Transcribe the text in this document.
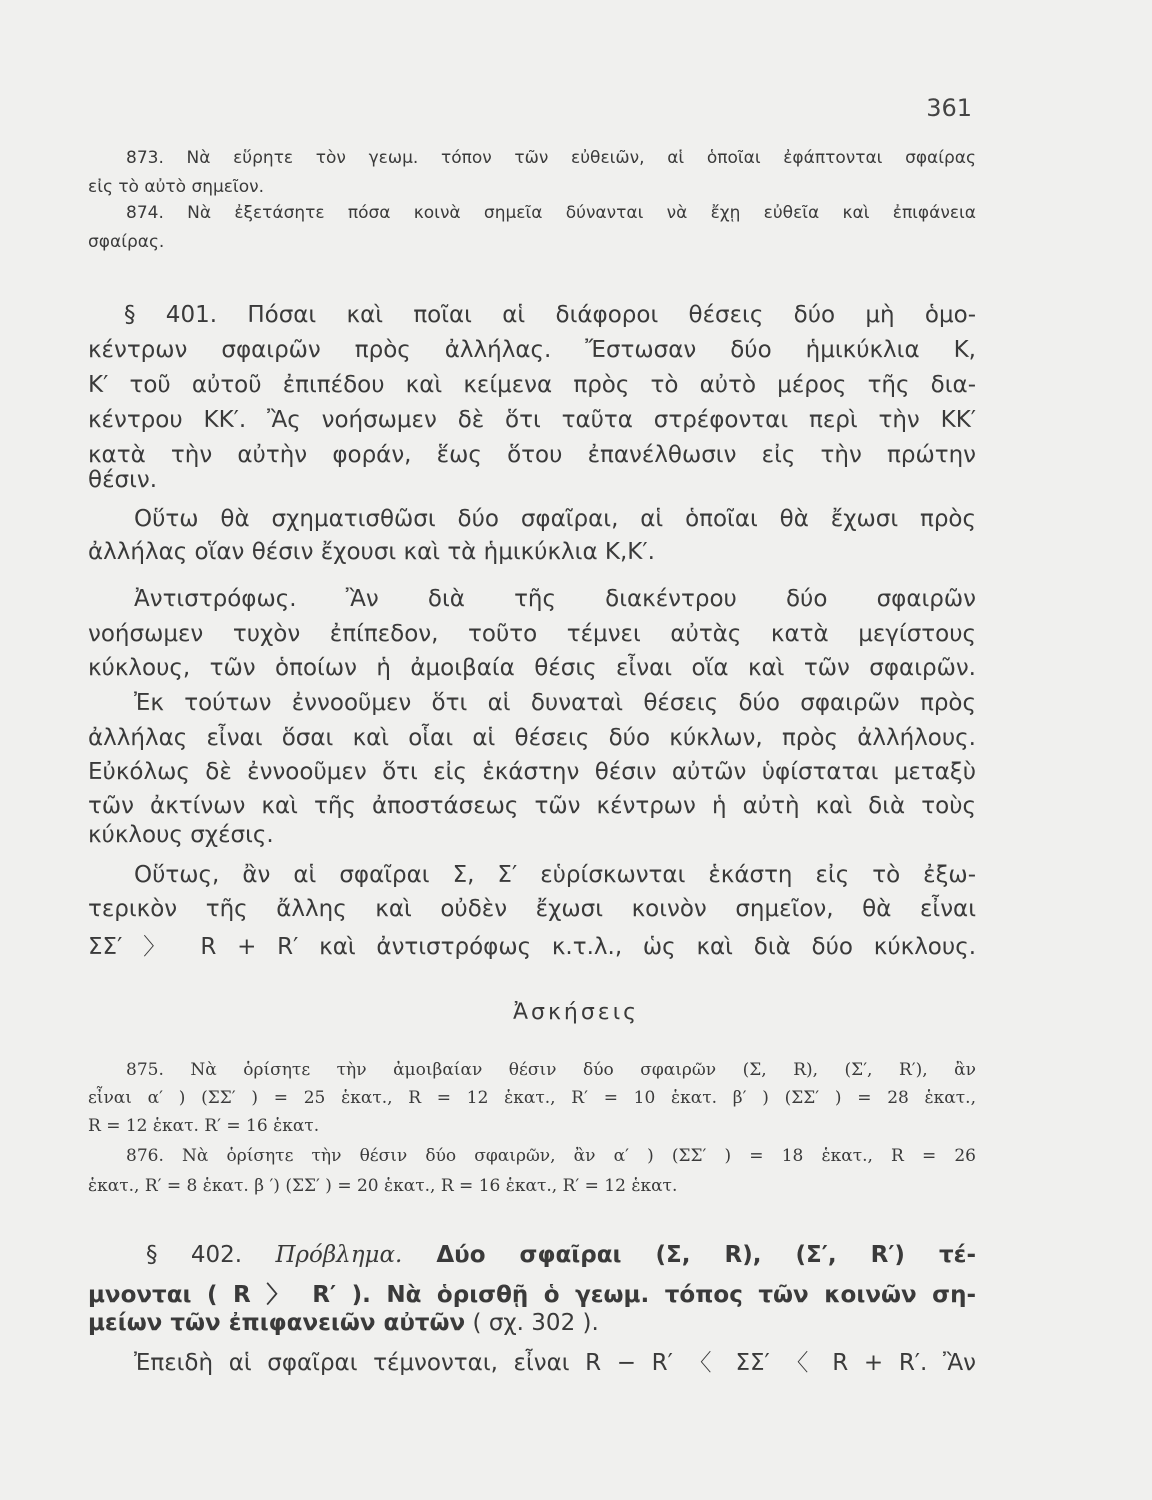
361
873. Νὰ εὕρητε τὸν γεωμ. τόπον τῶν εὐθειῶν, αἱ ὁποῖαι ἐφάπτονται σφαίρας
εἰς τὸ αὐτὸ σημεῖον.
874. Νὰ ἐξετάσητε πόσα κοινὰ σημεῖα δύνανται νὰ ἔχῃ εὐθεῖα καὶ ἐπιφάνεια
σφαίρας.
§ 401. Πόσαι καὶ ποῖαι αἱ διάφοροι θέσεις δύο μὴ ὁμο-
κέντρων σφαιρῶν πρὸς ἀλλήλας. Ἔστωσαν δύο ἡμικύκλια Κ,
Κ′ τοῦ αὐτοῦ ἐπιπέδου καὶ κείμενα πρὸς τὸ αὐτὸ μέρος τῆς δια-
κέντρου ΚΚ′. Ἂς νοήσωμεν δὲ ὅτι ταῦτα στρέφονται περὶ τὴν ΚΚ′
κατὰ τὴν αὐτὴν φοράν, ἕως ὅτου ἐπανέλθωσιν εἰς τὴν πρώτην
θέσιν.
Οὕτω θὰ σχηματισθῶσι δύο σφαῖραι, αἱ ὁποῖαι θὰ ἔχωσι πρὸς
ἀλλήλας οἵαν θέσιν ἔχουσι καὶ τὰ ἡμικύκλια Κ,Κ′.
Ἀντιστρόφως. Ἂν διὰ τῆς διακέντρου δύο σφαιρῶν
νοήσωμεν τυχὸν ἐπίπεδον, τοῦτο τέμνει αὐτὰς κατὰ μεγίστους
κύκλους, τῶν ὁποίων ἡ ἀμοιβαία θέσις εἶναι οἵα καὶ τῶν σφαιρῶν.
Ἐκ τούτων ἐννοοῦμεν ὅτι αἱ δυναταὶ θέσεις δύο σφαιρῶν πρὸς
ἀλλήλας εἶναι ὅσαι καὶ οἷαι αἱ θέσεις δύο κύκλων, πρὸς ἀλλήλους.
Εὐκόλως δὲ ἐννοοῦμεν ὅτι εἰς ἑκάστην θέσιν αὐτῶν ὑφίσταται μεταξὺ
τῶν ἀκτίνων καὶ τῆς ἀποστάσεως τῶν κέντρων ἡ αὐτὴ καὶ διὰ τοὺς
κύκλους σχέσις.
Οὕτως, ἂν αἱ σφαῖραι Σ, Σ′ εὑρίσκωνται ἑκάστη εἰς τὸ ἐξω-
τερικὸν τῆς ἄλλης καὶ οὐδὲν ἔχωσι κοινὸν σημεῖον, θὰ εἶναι
ΣΣ′ 〉 R + R′ καὶ ἀντιστρόφως κ.τ.λ., ὡς καὶ διὰ δύο κύκλους.
Ἀσκήσεις
875. Νὰ ὁρίσητε τὴν ἀμοιβαίαν θέσιν δύο σφαιρῶν (Σ, R), (Σ′, R′), ἂν
εἶναι α′ ) (ΣΣ′ ) = 25 ἑκατ., R = 12 ἑκατ., R′ = 10 ἑκατ. β′ ) (ΣΣ′ ) = 28 ἑκατ.,
R = 12 ἑκατ. R′ = 16 ἑκατ.
876. Νὰ ὁρίσητε τὴν θέσιν δύο σφαιρῶν, ἂν α′ ) (ΣΣ′ ) = 18 ἑκατ., R = 26
ἑκατ., R′ = 8 ἑκατ. β ′) (ΣΣ′ ) = 20 ἑκατ., R = 16 ἑκατ., R′ = 12 ἑκατ.
§ 402. Πρόβλημα. Δύο σφαῖραι (Σ, R), (Σ′, R′) τέ-
μνονται ( R 〉 R′ ). Νὰ ὁρισθῇ ὁ γεωμ. τόπος τῶν κοινῶν ση-
μείων τῶν ἐπιφανειῶν αὐτῶν ( σχ. 302 ).
Ἐπειδὴ αἱ σφαῖραι τέμνονται, εἶναι R − R′ 〈 ΣΣ′ 〈 R + R′. Ἂν
